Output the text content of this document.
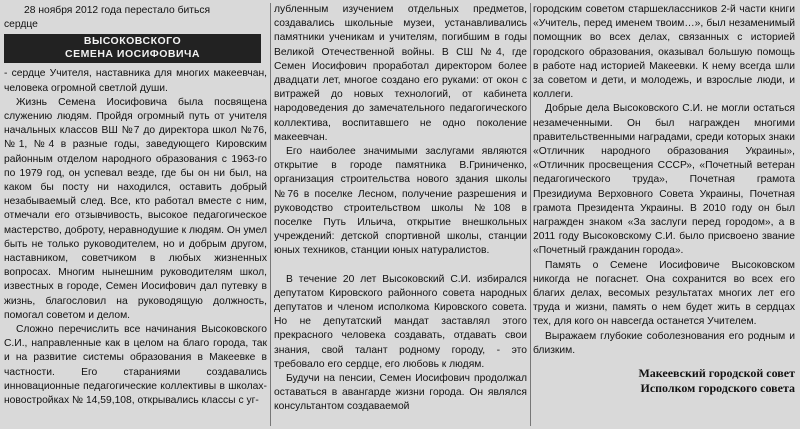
28 ноября 2012 года перестало биться

сердце

ВЫСОКОВСКОГО
СЕМЕНА ИОСИФОВИЧА

- сердце Учителя, наставника для многих макеевчан, человека огромной светлой души.

Жизнь Семена Иосифовича была посвящена служению людям. Пройдя огромный путь от учителя начальных классов ВШ №7 до директора школ №76, №1, №4 в разные годы, заведующего Кировским районным отделом народного образования с 1963-го по 1979 год, он успевал везде, где бы он ни был, на каком бы посту ни находился, оставить добрый незабываемый след. Все, кто работал вместе с ним, отмечали его отзывчивость, высокое педагогическое мастерство, доброту, неравнодушие к людям. Он умел быть не только руководителем, но и добрым другом, наставником, советчиком в любых жизненных вопросах. Многим нынешним руководителям школ, известных в городе, Семен Иосифович дал путевку в жизнь, благословил на руководящую должность, помогал советом и делом.

Сложно перечислить все начинания Высоковского С.И., направленные как в целом на благо города, так и на развитие системы образования в Макеевке в частности. Его стараниями создавались инновационные педагогические коллективы в школах-новостройках № 14,59,108, открывались классы с уг-

лубленным изучением отдельных предметов, создавались школьные музеи, устанавливались памятники ученикам и учителям, погибшим в годы Великой Отечественной войны. В СШ №4, где Семен Иосифович проработал директором более двадцати лет, многое создано его руками: от окон с витражей до новых технологий, от кабинета народоведения до замечательного педагогического коллектива, воспитавшего не одно поколение макеевчан.

Его наиболее значимыми заслугами являются открытие в городе памятника В.Гриниченко, организация строительства нового здания школы №76 в поселке Лесном, получение разрешения и руководство строительством школы №108 в поселке Путь Ильича, открытие внешкольных учреждений: детской спортивной школы, станции юных техников, станции юных натуралистов.

В течение 20 лет Высоковский С.И. избирался депутатом Кировского районного совета народных депутатов и членом исполкома Кировского совета. Но не депутатский мандат заставлял этого прекрасного человека создавать, отдавать свои знания, свой талант родному городу, - это требовало его сердце, его любовь к людям.

Будучи на пенсии, Семен Иосифович продолжал оставаться в авангарде жизни города. Он являлся консультантом создаваемой

городским советом старшеклассников 2-й части книги «Учитель, перед именем твоим…», был незаменимый помощник во всех делах, связанных с историей городского образования, оказывал большую помощь в работе над историей Макеевки. К нему всегда шли за советом и дети, и молодежь, и взрослые люди, и коллеги.

Добрые дела Высоковского С.И. не могли остаться незамеченными. Он был награжден многими правительственными наградами, среди которых знаки «Отличник народного образования Украины», «Отличник просвещения СССР», «Почетный ветеран педагогического труда», Почетная грамота Президиума Верховного Совета Украины, Почетная грамота Президента Украины. В 2010 году он был награжден знаком «За заслуги перед городом», а в 2011 году Высоковскому С.И. было присвоено звание «Почетный гражданин города».

Память о Семене Иосифовиче Высоковском никогда не погаснет. Она сохранится во всех его благих делах, весомых результатах многих лет его труда и жизни, память о нем будет жить в сердцах тех, для кого он навсегда останется Учителем.

Выражаем глубокие соболезнования его родным и близким.

Макеевский городской совет

Исполком городского совета
